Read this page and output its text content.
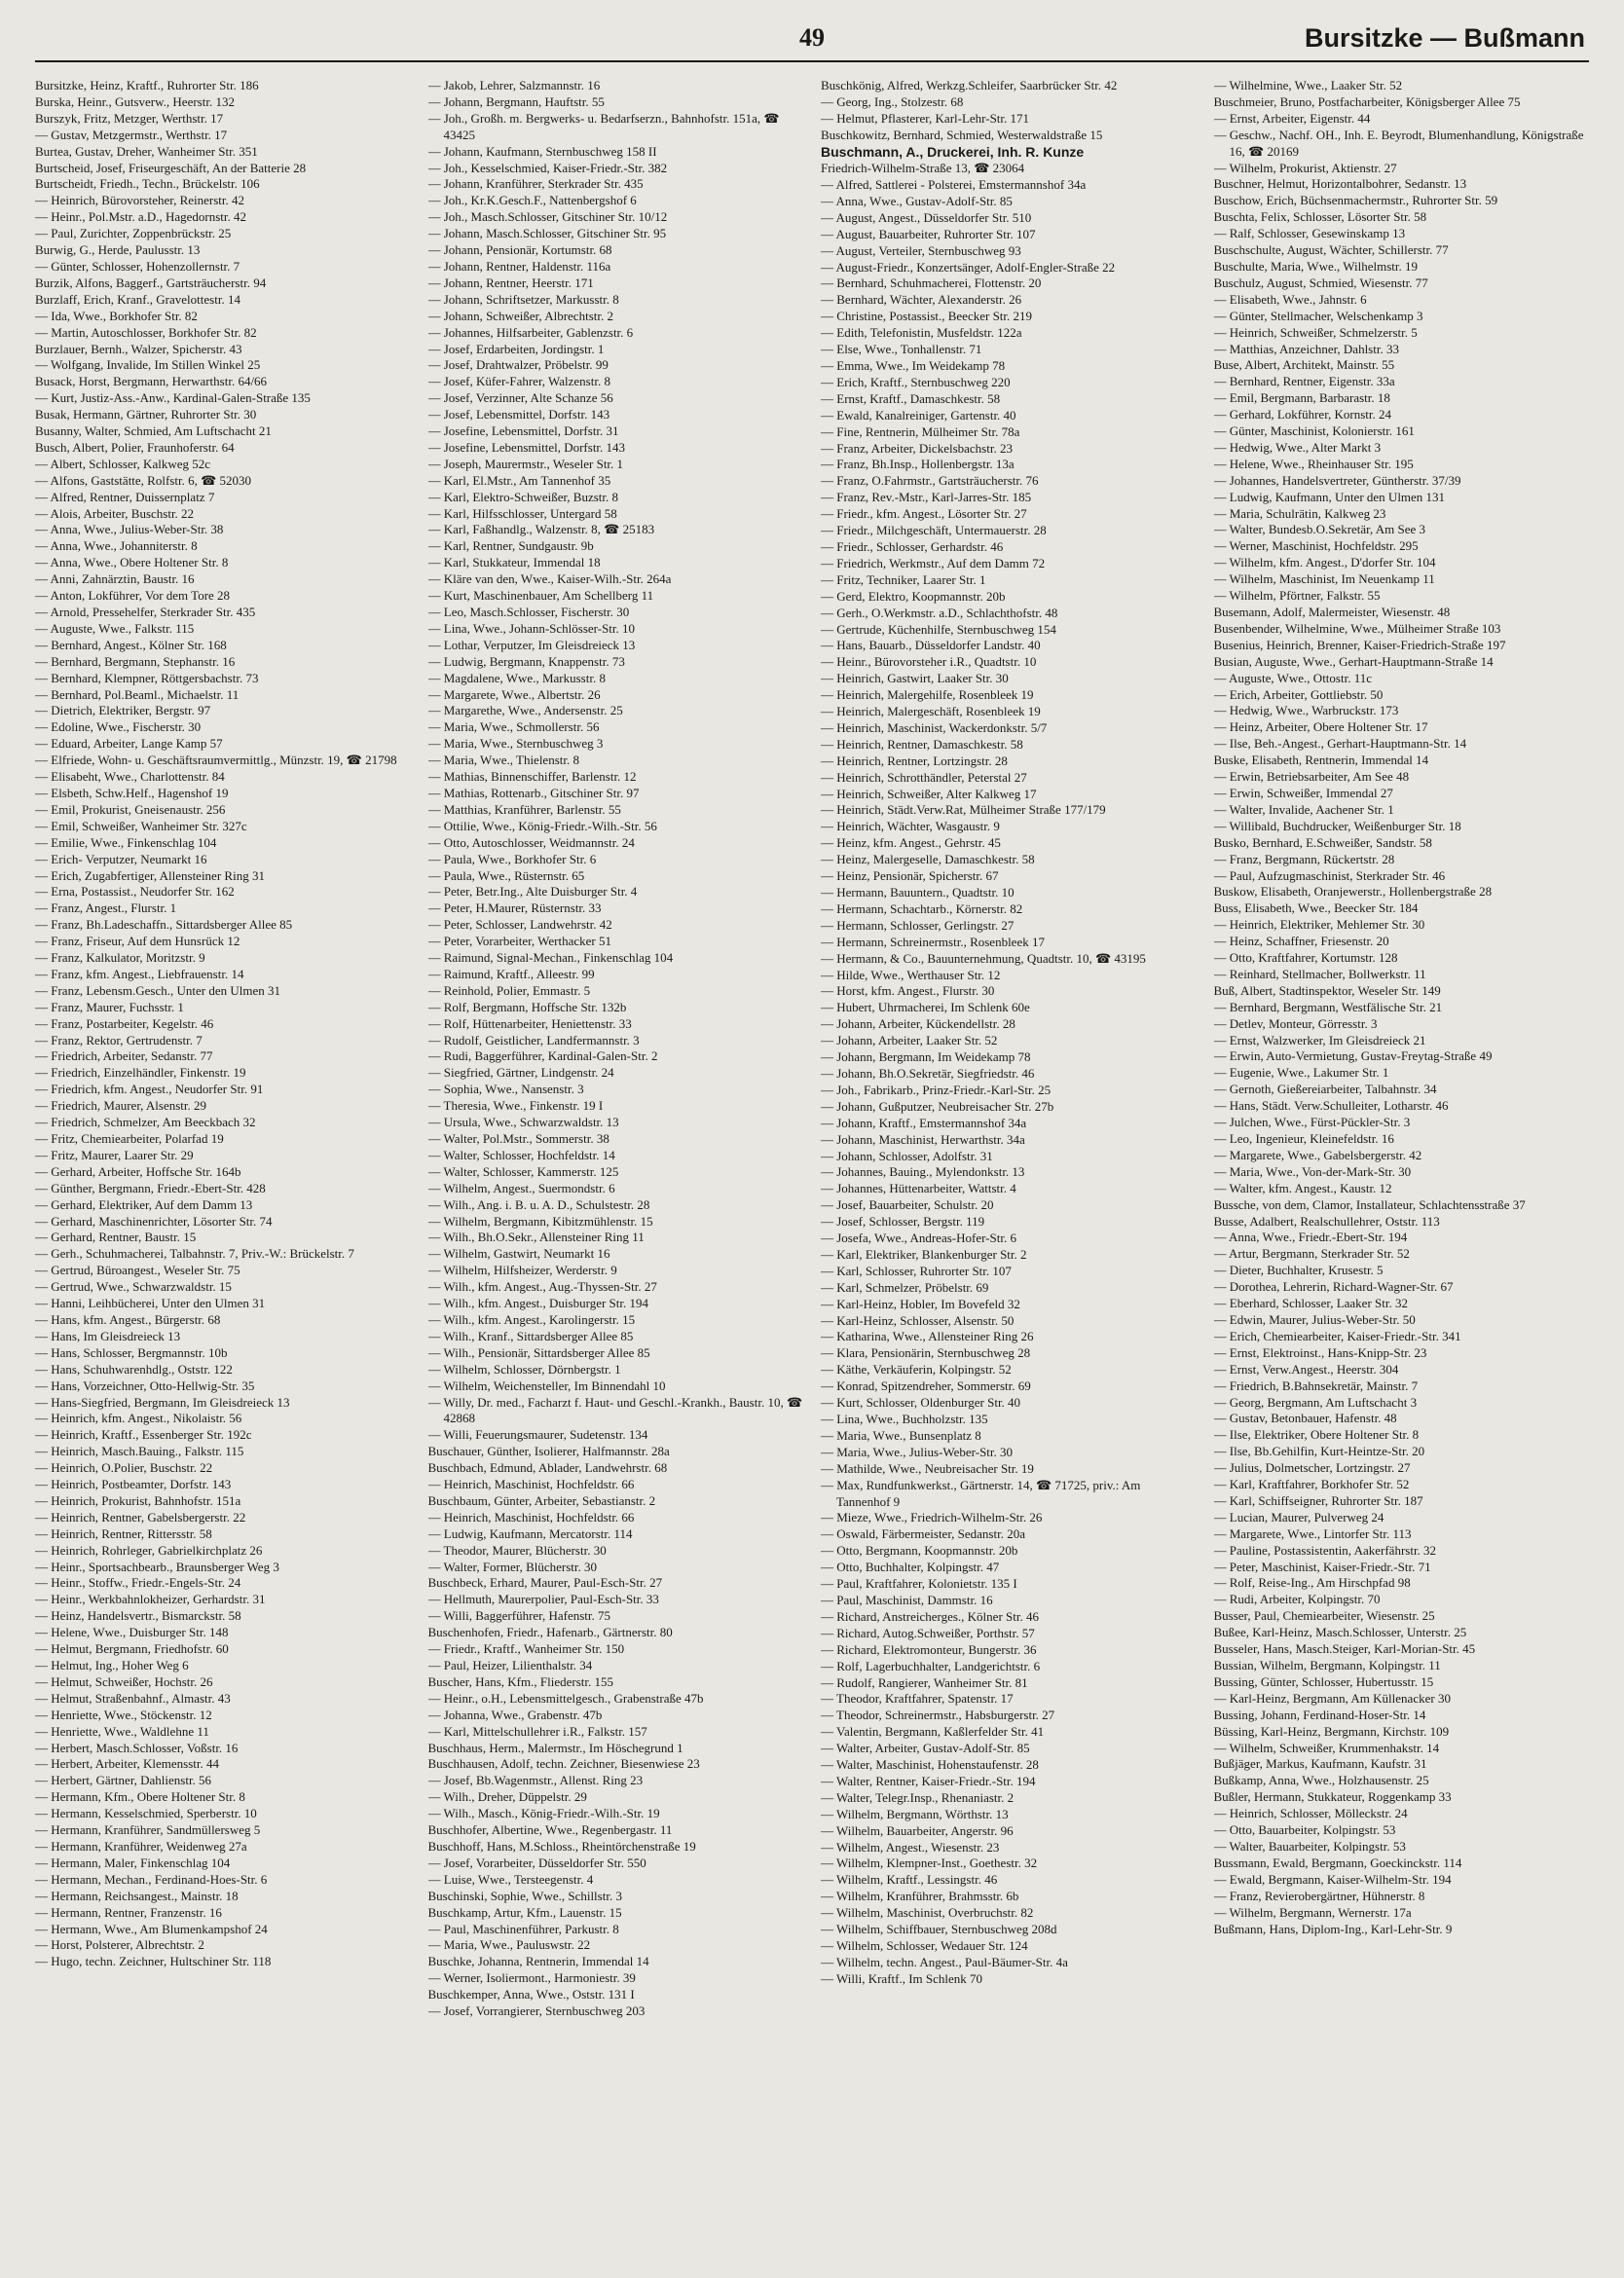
49	Bursitzke — Bußmann

Bursitzke, Heinz, Kraftf., Ruhrorter Str. 186

Burska, Heinr., Gutsverw., Heerstr. 132

Burszyk, Fritz, Metzger, Werthstr. 17

— Gustav, Metzgermstr., Werthstr. 17

Burtea, Gustav, Dreher, Wanheimer Str. 351

Burtscheid, Josef, Friseurgeschäft, An der Batterie 28

Burtscheidt, Friedh., Techn., Brückelstr. 106

— Heinrich, Bürovorsteher, Reinerstr. 42

— Heinr., Pol.Mstr. a.D., Hagedornstr. 42

— Paul, Zurichter, Zoppenbrückstr. 25

Burwig, G., Herde, Paulusstr. 13

— Günter, Schlosser, Hohenzollernstr. 7

Burzik, Alfons, Baggerf., Gartsträucherstr. 94

Burzlaff, Erich, Kranf., Gravelottestr. 14

— Ida, Wwe., Borkhofer Str. 82

— Martin, Autoschlosser, Borkhofer Str. 82

Burzlauer, Bernh., Walzer, Spicherstr. 43

— Wolfgang, Invalide, Im Stillen Winkel 25

Busack, Horst, Bergmann, Herwarthstr. 64/66

— Kurt, Justiz-Ass.-Anw., Kardinal-Galen-Straße 135

Busak, Hermann, Gärtner, Ruhrorter Str. 30

Busanny, Walter, Schmied, Am Luftschacht 21

Busch, Albert, Polier, Fraunhoferstr. 64

— Albert, Schlosser, Kalkweg 52c

— Alfons, Gaststätte, Rolfstr. 6, ☎ 52030

— Alfred, Rentner, Duissernplatz 7

— Alois, Arbeiter, Buschstr. 22

— Anna, Wwe., Julius-Weber-Str. 38

— Anna, Wwe., Johanniterstr. 8

— Anna, Wwe., Obere Holtener Str. 8

— Anni, Zahnärztin, Baustr. 16

— Anton, Lokführer, Vor dem Tore 28

— Arnold, Pressehelfer, Sterkrader Str. 435

— Auguste, Wwe., Falkstr. 115

— Bernhard, Angest., Kölner Str. 168

— Bernhard, Bergmann, Stephanstr. 16

— Bernhard, Klempner, Röttgersbachstr. 73

— Bernhard, Pol.Beaml., Michaelstr. 11

— Dietrich, Elektriker, Bergstr. 97

— Edoline, Wwe., Fischerstr. 30

— Eduard, Arbeiter, Lange Kamp 57

— Elfriede, Wohn- u. Geschäftsraumvermittlg., Münzstr. 19, ☎ 21798

— Elisabeht, Wwe., Charlottenstr. 84

— Elsbeth, Schw.Helf., Hagenshof 19

— Emil, Prokurist, Gneisenaustr. 256

— Emil, Schweißer, Wanheimer Str. 327c

— Emilie, Wwe., Finkenschlag 104

— Erich- Verputzer, Neumarkt 16

— Erich, Zugabfertiger, Allensteiner Ring 31

— Erna, Postassist., Neudorfer Str. 162

— Franz, Angest., Flurstr. 1

— Franz, Bh.Ladeschaffn., Sittardsberger Allee 85

— Franz, Friseur, Auf dem Hunsrück 12

— Franz, Kalkulator, Moritzstr. 9

— Franz, kfm. Angest., Liebfrauenstr. 14

— Franz, Lebensm.Gesch., Unter den Ulmen 31

— Franz, Maurer, Fuchsstr. 1

— Franz, Postarbeiter, Kegelstr. 46

— Franz, Rektor, Gertrudenstr. 7

— Friedrich, Arbeiter, Sedanstr. 77

— Friedrich, Einzelhändler, Finkenstr. 19

— Friedrich, kfm. Angest., Neudorfer Str. 91

— Friedrich, Maurer, Alsenstr. 29

— Friedrich, Schmelzer, Am Beeckbach 32

— Fritz, Chemiearbeiter, Polarfad 19

— Fritz, Maurer, Laarer Str. 29

— Gerhard, Arbeiter, Hoffsche Str. 164b

— Günther, Bergmann, Friedr.-Ebert-Str. 428

— Gerhard, Elektriker, Auf dem Damm 13

— Gerhard, Maschinenrichter, Lösorter Str. 74

— Gerhard, Rentner, Baustr. 15

— Gerh., Schuhmacherei, Talbahnstr. 7, Priv.-W.: Brückelstr. 7

— Gertrud, Büroangest., Weseler Str. 75

— Gertrud, Wwe., Schwarzwaldstr. 15

— Hanni, Leihbücherei, Unter den Ulmen 31

— Hans, kfm. Angest., Bürgerstr. 68

— Hans, Im Gleisdreieck 13

— Hans, Schlosser, Bergmannstr. 10b

— Hans, Schuhwarenhdlg., Oststr. 122

— Hans, Vorzeichner, Otto-Hellwig-Str. 35

— Hans-Siegfried, Bergmann, Im Gleisdreieck 13

— Heinrich, kfm. Angest., Nikolaistr. 56

— Heinrich, Kraftf., Essenberger Str. 192c

— Heinrich, Masch.Bauing., Falkstr. 115

— Heinrich, O.Polier, Buschstr. 22

— Heinrich, Postbeamter, Dorfstr. 143

— Heinrich, Prokurist, Bahnhofstr. 151a

— Heinrich, Rentner, Gabelsbergerstr. 22

— Heinrich, Rentner, Rittersstr. 58

— Heinrich, Rohrleger, Gabrielkirchplatz 26

— Heinr., Sportsachbearb., Braunsberger Weg 3

— Heinr., Stoffw., Friedr.-Engels-Str. 24

— Heinr., Werkbahnlokheizer, Gerhardstr. 31

— Heinz, Handelsvertr., Bismarckstr. 58

— Helene, Wwe., Duisburger Str. 148

— Helmut, Bergmann, Friedhofstr. 60

— Helmut, Ing., Hoher Weg 6

— Helmut, Schweißer, Hochstr. 26

— Helmut, Straßenbahnf., Almastr. 43

— Henriette, Wwe., Stöckenstr. 12

— Henriette, Wwe., Waldlehne 11

— Herbert, Masch.Schlosser, Voßstr. 16

— Herbert, Arbeiter, Klemensstr. 44

— Herbert, Gärtner, Dahlienstr. 56

— Hermann, Kfm., Obere Holtener Str. 8

— Hermann, Kesselschmied, Sperberstr. 10

— Hermann, Kranführer, Sandmüllersweg 5

— Hermann, Kranführer, Weidenweg 27a

— Hermann, Maler, Finkenschlag 104

— Hermann, Mechan., Ferdinand-Hoes-Str. 6

— Hermann, Reichsangest., Mainstr. 18

— Hermann, Rentner, Franzenstr. 16

— Hermann, Wwe., Am Blumenkampshof 24

— Horst, Polsterer, Albrechtstr. 2

— Hugo, techn. Zeichner, Hultschiner Str. 118

— Jakob, Lehrer, Salzmannstr. 16

— Johann, Bergmann, Hauftstr. 55

— Joh., Großh. m. Bergwerks- u. Bedarfserzn., Bahnhofstr. 151a, ☎ 43425

— Johann, Kaufmann, Sternbuschweg 158 II

— Joh., Kesselschmied, Kaiser-Friedr.-Str. 382

— Johann, Kranführer, Sterkrader Str. 435

— Joh., Kr.K.Gesch.F., Nattenbergshof 6

— Joh., Masch.Schlosser, Gitschiner Str. 10/12

— Johann, Masch.Schlosser, Gitschiner Str. 95

— Johann, Pensionär, Kortumstr. 68

— Johann, Rentner, Haldenstr. 116a

— Johann, Rentner, Heerstr. 171

— Johann, Schriftsetzer, Markusstr. 8

— Johann, Schweißer, Albrechtstr. 2

— Johannes, Hilfsarbeiter, Gablenzstr. 6

— Josef, Erdarbeiten, Jordingstr. 1

— Josef, Drahtwalzer, Pröbelstr. 99

— Josef, Küfer-Fahrer, Walzenstr. 8

— Josef, Verzinner, Alte Schanze 56

— Josef, Lebensmittel, Dorfstr. 143

— Josefine, Lebensmittel, Dorfstr. 31

— Josefine, Lebensmittel, Dorfstr. 143

— Joseph, Maurermstr., Weseler Str. 1

— Karl, El.Mstr., Am Tannenhof 35

— Karl, Elektro-Schweißer, Buzstr. 8

— Karl, Hilfsschlosser, Untergard 58

— Karl, Faßhandlg., Walzenstr. 8, ☎ 25183

— Karl, Rentner, Sundgaustr. 9b

— Karl, Stukkateur, Immendal 18

— Kläre van den, Wwe., Kaiser-Wilh.-Str. 264a

— Kurt, Maschinenbauer, Am Schellberg 11

— Leo, Masch.Schlosser, Fischerstr. 30

— Lina, Wwe., Johann-Schlösser-Str. 10

— Lothar, Verputzer, Im Gleisdreieck 13

— Ludwig, Bergmann, Knappenstr. 73

— Magdalene, Wwe., Markusstr. 8

— Margarete, Wwe., Albertstr. 26

— Margarethe, Wwe., Andersenstr. 25

— Maria, Wwe., Schmollerstr. 56

— Maria, Wwe., Sternbuschweg 3

— Maria, Wwe., Thielenstr. 8

— Mathias, Binnenschiffer, Barlenstr. 12

— Mathias, Rottenarb., Gitschiner Str. 97

— Matthias, Kranführer, Barlenstr. 55

— Ottilie, Wwe., König-Friedr.-Wilh.-Str. 56

— Otto, Autoschlosser, Weidmannstr. 24

— Paula, Wwe., Borkhofer Str. 6

— Paula, Wwe., Rüsternstr. 65

— Peter, Betr.Ing., Alte Duisburger Str. 4

— Peter, H.Maurer, Rüsternstr. 33

— Peter, Schlosser, Landwehrstr. 42

— Peter, Vorarbeiter, Werthacker 51

— Raimund, Signal-Mechan., Finkenschlag 104

— Raimund, Kraftf., Alleestr. 99

— Reinhold, Polier, Emmastr. 5

— Rolf, Bergmann, Hoffsche Str. 132b

— Rolf, Hüttenarbeiter, Heniettenstr. 33

— Rudolf, Geistlicher, Landfermannstr. 3

— Rudi, Baggerführer, Kardinal-Galen-Str. 2

— Siegfried, Gärtner, Lindgenstr. 24

— Sophia, Wwe., Nansenstr. 3

— Theresia, Wwe., Finkenstr. 19 I

— Ursula, Wwe., Schwarzwaldstr. 13

— Walter, Pol.Mstr., Sommerstr. 38

— Walter, Schlosser, Hochfeldstr. 14

— Walter, Schlosser, Kammerstr. 125

— Wilhelm, Angest., Suermondstr. 6

— Wilh., Ang. i. B. u. A. D., Schulstestr. 28

— Wilhelm, Bergmann, Kibitzmühlenstr. 15

— Wilh., Bh.O.Sekr., Allensteiner Ring 11

— Wilhelm, Gastwirt, Neumarkt 16

— Wilhelm, Hilfsheizer, Werderstr. 9

— Wilh., kfm. Angest., Aug.-Thyssen-Str. 27

— Wilh., kfm. Angest., Duisburger Str. 194

— Wilh., kfm. Angest., Karolingerstr. 15

— Wilh., Kranf., Sittardsberger Allee 85

— Wilh., Pensionär, Sittardsberger Allee 85

— Wilhelm, Schlosser, Dörnbergstr. 1

— Wilhelm, Weichensteller, Im Binnendahl 10

— Willy, Dr. med., Facharzt f. Haut- und Geschl.-Krankh., Baustr. 10, ☎ 42868

— Willi, Feuerungsmaurer, Sudetenstr. 134

Buschauer, Günther, Isolierer, Halfmannstr. 28a

Buschbach, Edmund, Ablader, Landwehrstr. 68

— Heinrich, Maschinist, Hochfeldstr. 66

Buschbaum, Günter, Arbeiter, Sebastianstr. 2

— Heinrich, Maschinist, Hochfeldstr. 66

— Ludwig, Kaufmann, Mercatorstr. 114

— Theodor, Maurer, Blücherstr. 30

— Walter, Former, Blücherstr. 30

Buschbeck, Erhard, Maurer, Paul-Esch-Str. 27

— Hellmuth, Maurerpolier, Paul-Esch-Str. 33

— Willi, Baggerführer, Hafenstr. 75

Buschenhofen, Friedr., Hafenarb., Gärtnerstr. 80

— Friedr., Kraftf., Wanheimer Str. 150

— Paul, Heizer, Lilienthalstr. 34

Buscher, Hans, Kfm., Fliederstr. 155

— Heinr., o.H., Lebensmittelgesch., Grabenstraße 47b

— Johanna, Wwe., Grabenstr. 47b

— Karl, Mittelschullehrer i.R., Falkstr. 157

Buschhaus, Herm., Malermstr., Im Höschegrund 1

Buschhausen, Adolf, techn. Zeichner, Biesenwiese 23

— Josef, Bb.Wagenmstr., Allenst. Ring 23

— Wilh., Dreher, Düppelstr. 29

— Wilh., Masch., König-Friedr.-Wilh.-Str. 19

Buschhofer, Albertine, Wwe., Regenbergastr. 11

Buschhoff, Hans, M.Schloss., Rheintörchenstraße 19

— Josef, Vorarbeiter, Düsseldorfer Str. 550

— Luise, Wwe., Tersteegenstr. 4

Buschinski, Sophie, Wwe., Schillstr. 3

Buschkamp, Artur, Kfm., Lauenstr. 15

— Paul, Maschinenführer, Parkustr. 8

— Maria, Wwe., Pauluswstr. 22

Buschke, Johanna, Rentnerin, Immendal 14

— Werner, Isoliermont., Harmoniestr. 39

Buschkemper, Anna, Wwe., Oststr. 131 I

— Josef, Vorrangierer, Sternbuschweg 203

Buschkönig, Alfred, Werkzg.Schleifer, Saarbrücker Str. 42

— Georg, Ing., Stolzestr. 68

— Helmut, Pflasterer, Karl-Lehr-Str. 171

Buschkowitz, Bernhard, Schmied, Westerwaldstraße 15

Buschmann, A., Druckerei, Inh. R. Kunze

Friedrich-Wilhelm-Straße 13, ☎ 23064

— Alfred, Sattlerei - Polsterei, Emstermannshof 34a

— Anna, Wwe., Gustav-Adolf-Str. 85

— August, Angest., Düsseldorfer Str. 510

— August, Bauarbeiter, Ruhrorter Str. 107

— August, Verteiler, Sternbuschweg 93

— August-Friedr., Konzertsänger, Adolf-Engler-Straße 22

— Bernhard, Schuhmacherei, Flottenstr. 20

— Bernhard, Wächter, Alexanderstr. 26

— Christine, Postassist., Beecker Str. 219

— Edith, Telefonistin, Musfeldstr. 122a

— Else, Wwe., Tonhallenstr. 71

— Emma, Wwe., Im Weidekamp 78

— Erich, Kraftf., Sternbuschweg 220

— Ernst, Kraftf., Damaschkestr. 58

— Ewald, Kanalreiniger, Gartenstr. 40

— Fine, Rentnerin, Mülheimer Str. 78a

— Franz, Arbeiter, Dickelsbachstr. 23

— Franz, Bh.Insp., Hollenbergstr. 13a

— Franz, O.Fahrmstr., Gartsträucherstr. 76

— Franz, Rev.-Mstr., Karl-Jarres-Str. 185

— Friedr., kfm. Angest., Lösorter Str. 27

— Friedr., Milchgeschäft, Untermauerstr. 28

— Friedr., Schlosser, Gerhardstr. 46

— Friedrich, Werkmstr., Auf dem Damm 72

— Fritz, Techniker, Laarer Str. 1

— Gerd, Elektro, Koopmannstr. 20b

— Gerh., O.Werkmstr. a.D., Schlachthofstr. 48

— Gertrude, Küchenhilfe, Sternbuschweg 154

— Hans, Bauarb., Düsseldorfer Landstr. 40

— Heinr., Bürovorsteher i.R., Quadtstr. 10

— Heinrich, Gastwirt, Laaker Str. 30

— Heinrich, Malergehilfe, Rosenbleek 19

— Heinrich, Malergeschäft, Rosenbleek 19

— Heinrich, Maschinist, Wackerdonkstr. 5/7

— Heinrich, Rentner, Damaschkestr. 58

— Heinrich, Rentner, Lortzingstr. 28

— Heinrich, Schrotthändler, Peterstal 27

— Heinrich, Schweißer, Alter Kalkweg 17

— Heinrich, Städt.Verw.Rat, Mülheimer Straße 177/179

— Heinrich, Wächter, Wasgaustr. 9

— Heinz, kfm. Angest., Gehrstr. 45

— Heinz, Malergeselle, Damaschkestr. 58

— Heinz, Pensionär, Spicherstr. 67

— Hermann, Bauuntern., Quadtstr. 10

— Hermann, Schachtarb., Körnerstr. 82

— Hermann, Schlosser, Gerlingstr. 27

— Hermann, Schreinermstr., Rosenbleek 17

— Hermann, & Co., Bauunternehmung, Quadtstr. 10, ☎ 43195

— Hilde, Wwe., Werthauser Str. 12

— Horst, kfm. Angest., Flurstr. 30

— Hubert, Uhrmacherei, Im Schlenk 60e

— Johann, Arbeiter, Kückendellstr. 28

— Johann, Arbeiter, Laaker Str. 52

— Johann, Bergmann, Im Weidekamp 78

— Johann, Bh.O.Sekretär, Siegfriedstr. 46

— Joh., Fabrikarb., Prinz-Friedr.-Karl-Str. 25

— Johann, Gußputzer, Neubreisacher Str. 27b

— Johann, Kraftf., Emstermannshof 34a

— Johann, Maschinist, Herwarthstr. 34a

— Johann, Schlosser, Adolfstr. 31

— Johannes, Bauing., Mylendonkstr. 13

— Johannes, Hüttenarbeiter, Wattstr. 4

— Josef, Bauarbeiter, Schulstr. 20

— Josef, Schlosser, Bergstr. 119

— Josefa, Wwe., Andreas-Hofer-Str. 6

— Karl, Elektriker, Blankenburger Str. 2

— Karl, Schlosser, Ruhrorter Str. 107

— Karl, Schmelzer, Pröbelstr. 69

— Karl-Heinz, Hobler, Im Bovefeld 32

— Karl-Heinz, Schlosser, Alsenstr. 50

— Katharina, Wwe., Allensteiner Ring 26

— Klara, Pensionärin, Sternbuschweg 28

— Käthe, Verkäuferin, Kolpingstr. 52

— Konrad, Spitzendreher, Sommerstr. 69

— Kurt, Schlosser, Oldenburger Str. 40

— Lina, Wwe., Buchholzstr. 135

— Maria, Wwe., Bunsenplatz 8

— Maria, Wwe., Julius-Weber-Str. 30

— Mathilde, Wwe., Neubreisacher Str. 19

— Max, Rundfunkwerkst., Gärtnerstr. 14, ☎ 71725, priv.: Am Tannenhof 9

— Mieze, Wwe., Friedrich-Wilhelm-Str. 26

— Oswald, Färbermeister, Sedanstr. 20a

— Otto, Bergmann, Koopmannstr. 20b

— Otto, Buchhalter, Kolpingstr. 47

— Paul, Kraftfahrer, Kolonietstr. 135 I

— Paul, Maschinist, Dammstr. 16

— Richard, Anstreicherges., Kölner Str. 46

— Richard, Autog.Schweißer, Porthstr. 57

— Richard, Elektromonteur, Bungerstr. 36

— Rolf, Lagerbuchhalter, Landgerichtstr. 6

— Rudolf, Rangierer, Wanheimer Str. 81

— Theodor, Kraftfahrer, Spatenstr. 17

— Theodor, Schreinermstr., Habsburgerstr. 27

— Valentin, Bergmann, Kaßlerfelder Str. 41

— Walter, Arbeiter, Gustav-Adolf-Str. 85

— Walter, Maschinist, Hohenstaufenstr. 28

— Walter, Rentner, Kaiser-Friedr.-Str. 194

— Walter, Telegr.Insp., Rhenaniastr. 2

— Wilhelm, Bergmann, Wörthstr. 13

— Wilhelm, Bauarbeiter, Angerstr. 96

— Wilhelm, Angest., Wiesenstr. 23

— Wilhelm, Klempner-Inst., Goethestr. 32

— Wilhelm, Kraftf., Lessingstr. 46

— Wilhelm, Kranführer, Brahmsstr. 6b

— Wilhelm, Maschinist, Overbruchstr. 82

— Wilhelm, Schiffbauer, Sternbuschweg 208d

— Wilhelm, Schlosser, Wedauer Str. 124

— Wilhelm, techn. Angest., Paul-Bäumer-Str. 4a

— Willi, Kraftf., Im Schlenk 70

— Wilhelmine, Wwe., Laaker Str. 52

Buschmeier, Bruno, Postfacharbeiter, Königsberger Allee 75

— Ernst, Arbeiter, Eigenstr. 44

— Geschw., Nachf. OH., Inh. E. Beyrodt, Blumenhandlung, Königstraße 16, ☎ 20169

— Wilhelm, Prokurist, Aktienstr. 27

Buschner, Helmut, Horizontalbohrer, Sedanstr. 13

Buschow, Erich, Büchsenmachermstr., Ruhrorter Str. 59

Buschta, Felix, Schlosser, Lösorter Str. 58

— Ralf, Schlosser, Gesewinskamp 13

Buschschulte, August, Wächter, Schillerstr. 77

Buschulte, Maria, Wwe., Wilhelmstr. 19

Buschulz, August, Schmied, Wiesenstr. 77

— Elisabeth, Wwe., Jahnstr. 6

— Günter, Stellmacher, Welschenkamp 3

— Heinrich, Schweißer, Schmelzerstr. 5

— Matthias, Anzeichner, Dahlstr. 33

Buse, Albert, Architekt, Mainstr. 55

— Bernhard, Rentner, Eigenstr. 33a

— Emil, Bergmann, Barbarastr. 18

— Gerhard, Lokführer, Kornstr. 24

— Günter, Maschinist, Kolonierstr. 161

— Hedwig, Wwe., Alter Markt 3

— Helene, Wwe., Rheinhauser Str. 195

— Johannes, Handelsvertreter, Güntherstr. 37/39

— Ludwig, Kaufmann, Unter den Ulmen 131

— Maria, Schulrätin, Kalkweg 23

— Walter, Bundesb.O.Sekretär, Am See 3

— Werner, Maschinist, Hochfeldstr. 295

— Wilhelm, kfm. Angest., D'dorfer Str. 104

— Wilhelm, Maschinist, Im Neuenkamp 11

— Wilhelm, Pförtner, Falkstr. 55

Busemann, Adolf, Malermeister, Wiesenstr. 48

Busenbender, Wilhelmine, Wwe., Mülheimer Straße 103

Busenius, Heinrich, Brenner, Kaiser-Friedrich-Straße 197

Busian, Auguste, Wwe., Gerhart-Hauptmann-Straße 14

— Auguste, Wwe., Ottostr. 11c

— Erich, Arbeiter, Gottliebstr. 50

— Hedwig, Wwe., Warbruckstr. 173

— Heinz, Arbeiter, Obere Holtener Str. 17

— Ilse, Beh.-Angest., Gerhart-Hauptmann-Str. 14

Buske, Elisabeth, Rentnerin, Immendal 14

— Erwin, Betriebsarbeiter, Am See 48

— Erwin, Schweißer, Immendal 27

— Walter, Invalide, Aachener Str. 1

— Willibald, Buchdrucker, Weißenburger Str. 18

Busko, Bernhard, E.Schweißer, Sandstr. 58

— Franz, Bergmann, Rückertstr. 28

— Paul, Aufzugmaschinist, Sterkrader Str. 46

Buskow, Elisabeth, Oranjewerstr., Hollenbergstraße 28

Buss, Elisabeth, Wwe., Beecker Str. 184

— Heinrich, Elektriker, Mehlemer Str. 30

— Heinz, Schaffner, Friesenstr. 20

— Otto, Kraftfahrer, Kortumstr. 128

— Reinhard, Stellmacher, Bollwerkstr. 11

Buß, Albert, Stadtinspektor, Weseler Str. 149

— Bernhard, Bergmann, Westfälische Str. 21

— Detlev, Monteur, Görresstr. 3

— Ernst, Walzwerker, Im Gleisdreieck 21

— Erwin, Auto-Vermietung, Gustav-Freytag-Straße 49

— Eugenie, Wwe., Lakumer Str. 1

— Gernoth, Gießereiarbeiter, Talbahnstr. 34

— Hans, Städt. Verw.Schulleiter, Lotharstr. 46

— Julchen, Wwe., Fürst-Pückler-Str. 3

— Leo, Ingenieur, Kleinefeldstr. 16

— Margarete, Wwe., Gabelsbergerstr. 42

— Maria, Wwe., Von-der-Mark-Str. 30

— Walter, kfm. Angest., Kaustr. 12

Bussche, von dem, Clamor, Installateur, Schlachtensstraße 37

Busse, Adalbert, Realschullehrer, Oststr. 113

— Anna, Wwe., Friedr.-Ebert-Str. 194

— Artur, Bergmann, Sterkrader Str. 52

— Dieter, Buchhalter, Krusestr. 5

— Dorothea, Lehrerin, Richard-Wagner-Str. 67

— Eberhard, Schlosser, Laaker Str. 32

— Edwin, Maurer, Julius-Weber-Str. 50

— Erich, Chemiearbeiter, Kaiser-Friedr.-Str. 341

— Ernst, Elektroinst., Hans-Knipp-Str. 23

— Ernst, Verw.Angest., Heerstr. 304

— Friedrich, B.Bahnsekretär, Mainstr. 7

— Georg, Bergmann, Am Luftschacht 3

— Gustav, Betonbauer, Hafenstr. 48

— Ilse, Elektriker, Obere Holtener Str. 8

— Ilse, Bb.Gehilfin, Kurt-Heintze-Str. 20

— Julius, Dolmetscher, Lortzingstr. 27

— Karl, Kraftfahrer, Borkhofer Str. 52

— Karl, Schiffseigner, Ruhrorter Str. 187

— Lucian, Maurer, Pulverweg 24

— Margarete, Wwe., Lintorfer Str. 113

— Pauline, Postassistentin, Aakerfährstr. 32

— Peter, Maschinist, Kaiser-Friedr.-Str. 71

— Rolf, Reise-Ing., Am Hirschpfad 98

— Rudi, Arbeiter, Kolpingstr. 70

Busser, Paul, Chemiearbeiter, Wiesenstr. 25

Bußee, Karl-Heinz, Masch.Schlosser, Unterstr. 25

Busseler, Hans, Masch.Steiger, Karl-Morian-Str. 45

Bussian, Wilhelm, Bergmann, Kolpingstr. 11

Bussing, Günter, Schlosser, Hubertusstr. 15

— Karl-Heinz, Bergmann, Am Küllenacker 30

Bussing, Johann, Ferdinand-Hoser-Str. 14

Büssing, Karl-Heinz, Bergmann, Kirchstr. 109

— Wilhelm, Schweißer, Krummenhakstr. 14

Bußjäger, Markus, Kaufmann, Kaufstr. 31

Bußkamp, Anna, Wwe., Holzhausenstr. 25

Bußler, Hermann, Stukkateur, Roggenkamp 33

— Heinrich, Schlosser, Mölleckstr. 24

— Otto, Bauarbeiter, Kolpingstr. 53

— Walter, Bauarbeiter, Kolpingstr. 53

Bussmann, Ewald, Bergmann, Goeckinckstr. 114

— Ewald, Bergmann, Kaiser-Wilhelm-Str. 194

— Franz, Revierobergärtner, Hühnerstr. 8

— Wilhelm, Bergmann, Wernerstr. 17a

Bußmann, Hans, Diplom-Ing., Karl-Lehr-Str. 9
